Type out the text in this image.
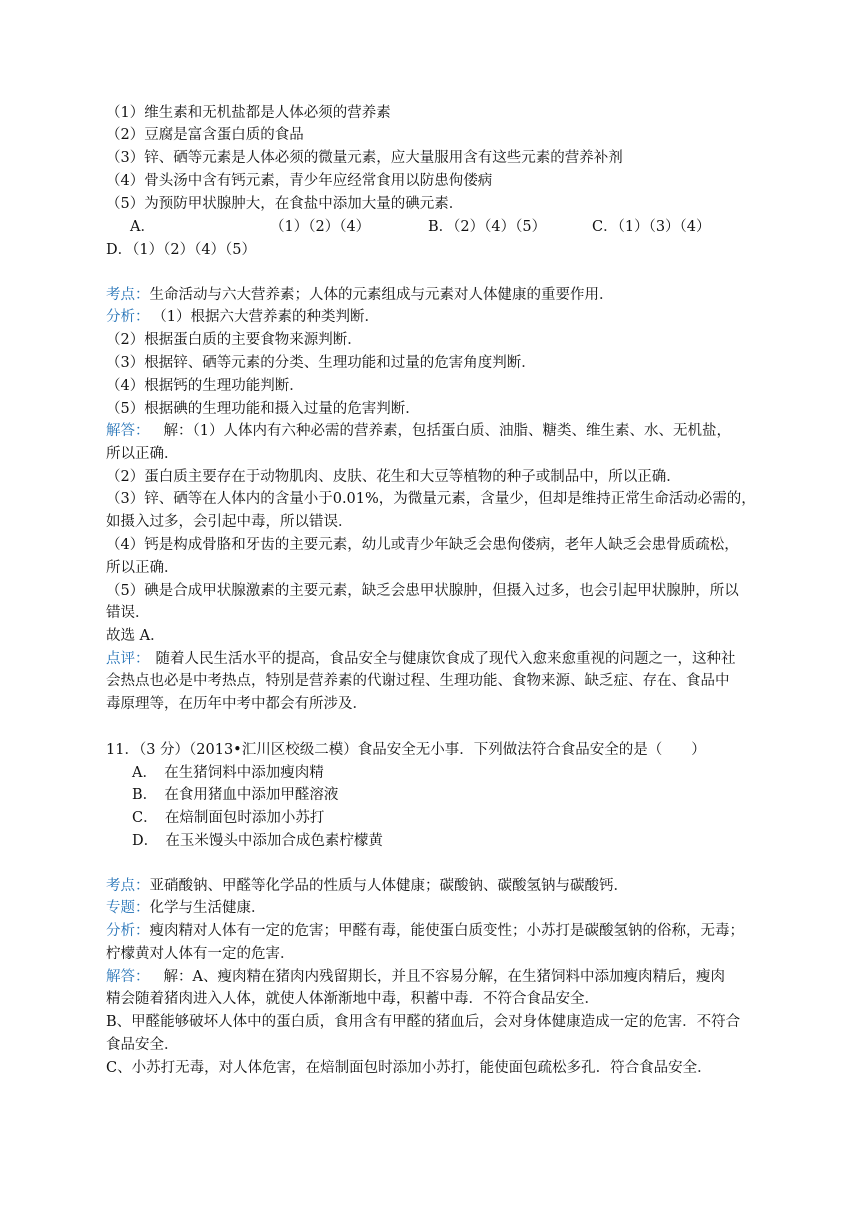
（1）维生素和无机盐都是人体必须的营养素
（2）豆腐是富含蛋白质的食品
（3）锌、硒等元素是人体必须的微量元素，应大量服用含有这些元素的营养补剂
（4）骨头汤中含有钙元素，青少年应经常食用以防患佝偻病
（5）为预防甲状腺肿大，在食盐中添加大量的碘元素．
A．	（1）（2）（4）	B．（2）（4）（5）	C．（1）（3）（4）
D．（1）（2）（4）（5）
考点：生命活动与六大营养素；人体的元素组成与元素对人体健康的重要作用．
分析： （1）根据六大营养素的种类判断．
（2）根据蛋白质的主要食物来源判断．
（3）根据锌、硒等元素的分类、生理功能和过量的危害角度判断．
（4）根据钙的生理功能判断．
（5）根据碘的生理功能和摄入过量的危害判断．
解答： 解：（1）人体内有六种必需的营养素，包括蛋白质、油脂、糖类、维生素、水、无机盐，
所以正确．
（2）蛋白质主要存在于动物肌肉、皮肤、花生和大豆等植物的种子或制品中，所以正确．
（3）锌、硒等在人体内的含量小于0.01%，为微量元素，含量少，但却是维持正常生命活动必需的，
如摄入过多，会引起中毒，所以错误．
（4）钙是构成骨胳和牙齿的主要元素，幼儿或青少年缺乏会患佝偻病，老年人缺乏会患骨质疏松，
所以正确．
（5）碘是合成甲状腺激素的主要元素，缺乏会患甲状腺肿，但摄入过多，也会引起甲状腺肿，所以
错误．
故选 A．
点评： 随着人民生活水平的提高，食品安全与健康饮食成了现代入愈来愈重视的问题之一，这种社
会热点也必是中考热点，特别是营养素的代谢过程、生理功能、食物来源、缺乏症、存在、食品中
毒原理等，在历年中考中都会有所涉及．
11．（3 分）（2013•汇川区校级二模）食品安全无小事．下列做法符合食品安全的是（　　）
A．　在生猪饲料中添加瘦肉精
B．　在食用猪血中添加甲醛溶液
C．　在焙制面包时添加小苏打
D．　在玉米馒头中添加合成色素柠檬黄
考点：亚硝酸钠、甲醛等化学品的性质与人体健康；碳酸钠、碳酸氢钠与碳酸钙．
专题：化学与生活健康．
分析：瘦肉精对人体有一定的危害；甲醛有毒，能使蛋白质变性；小苏打是碳酸氢钠的俗称，无毒；
柠檬黄对人体有一定的危害．
解答： 解：A、瘦肉精在猪肉内残留期长，并且不容易分解，在生猪饲料中添加瘦肉精后，瘦肉
精会随着猪肉进入人体，就使人体渐渐地中毒，积蓄中毒．不符合食品安全．
B、甲醛能够破坏人体中的蛋白质，食用含有甲醛的猪血后，会对身体健康造成一定的危害．不符合
食品安全．
C、小苏打无毒，对人体危害，在焙制面包时添加小苏打，能使面包疏松多孔．符合食品安全．
